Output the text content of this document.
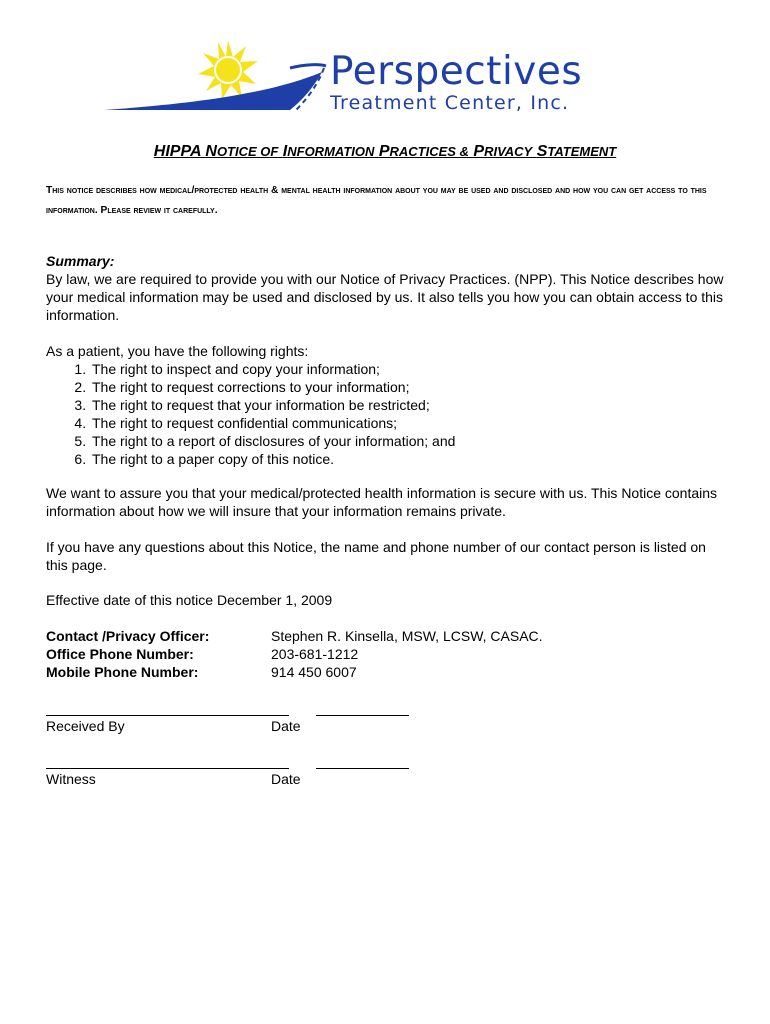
Perspectives
Treatment Center, Inc.
HIPPA NOTICE OF INFORMATION PRACTICES & PRIVACY STATEMENT
This notice describes how medical/protected health & mental health information about you may be used and disclosed and how you can get access to this information. Please review it carefully.
Summary:
By law, we are required to provide you with our Notice of Privacy Practices. (NPP). This Notice describes how your medical information may be used and disclosed by us. It also tells you how you can obtain access to this information.
As a patient, you have the following rights:
1. The right to inspect and copy your information;
2. The right to request corrections to your information;
3. The right to request that your information be restricted;
4. The right to request confidential communications;
5. The right to a report of disclosures of your information; and
6. The right to a paper copy of this notice.
We want to assure you that your medical/protected health information is secure with us. This Notice contains information about how we will insure that your information remains private.
If you have any questions about this Notice, the name and phone number of our contact person is listed on this page.
Effective date of this notice December 1, 2009
Contact /Privacy Officer:	Stephen R. Kinsella, MSW, LCSW, CASAC.
Office Phone Number:	203-681-1212
Mobile Phone Number:	914 450 6007
Received By	Date
Witness	Date
